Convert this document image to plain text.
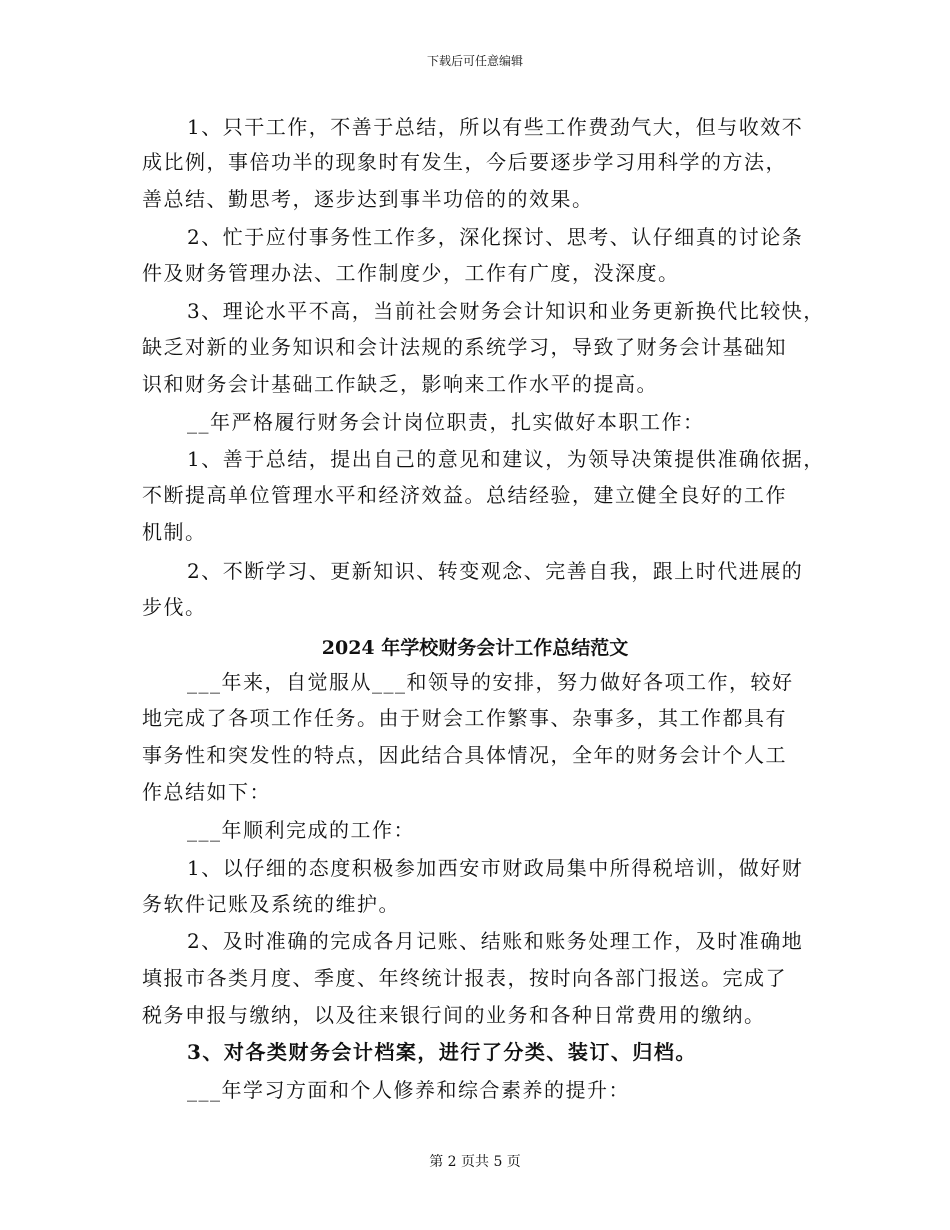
下载后可任意编辑
1、只干工作，不善于总结，所以有些工作费劲气大，但与收效不
成比例，事倍功半的现象时有发生，今后要逐步学习用科学的方法，
善总结、勤思考，逐步达到事半功倍的的效果。
2、忙于应付事务性工作多，深化探讨、思考、认仔细真的讨论条
件及财务管理办法、工作制度少，工作有广度，没深度。
3、理论水平不高，当前社会财务会计知识和业务更新换代比较快，
缺乏对新的业务知识和会计法规的系统学习，导致了财务会计基础知
识和财务会计基础工作缺乏，影响来工作水平的提高。
__年严格履行财务会计岗位职责，扎实做好本职工作：
1、善于总结，提出自己的意见和建议，为领导决策提供准确依据，
不断提高单位管理水平和经济效益。总结经验，建立健全良好的工作
机制。
2、不断学习、更新知识、转变观念、完善自我，跟上时代进展的
步伐。
2024 年学校财务会计工作总结范文
___年来，自觉服从___和领导的安排，努力做好各项工作，较好
地完成了各项工作任务。由于财会工作繁事、杂事多，其工作都具有
事务性和突发性的特点，因此结合具体情况，全年的财务会计个人工
作总结如下：
___年顺利完成的工作：
1、以仔细的态度积极参加西安市财政局集中所得税培训，做好财
务软件记账及系统的维护。
2、及时准确的完成各月记账、结账和账务处理工作，及时准确地
填报市各类月度、季度、年终统计报表，按时向各部门报送。完成了
税务申报与缴纳，以及往来银行间的业务和各种日常费用的缴纳。
3、对各类财务会计档案，进行了分类、装订、归档。
___年学习方面和个人修养和综合素养的提升：
第 2 页共 5 页
